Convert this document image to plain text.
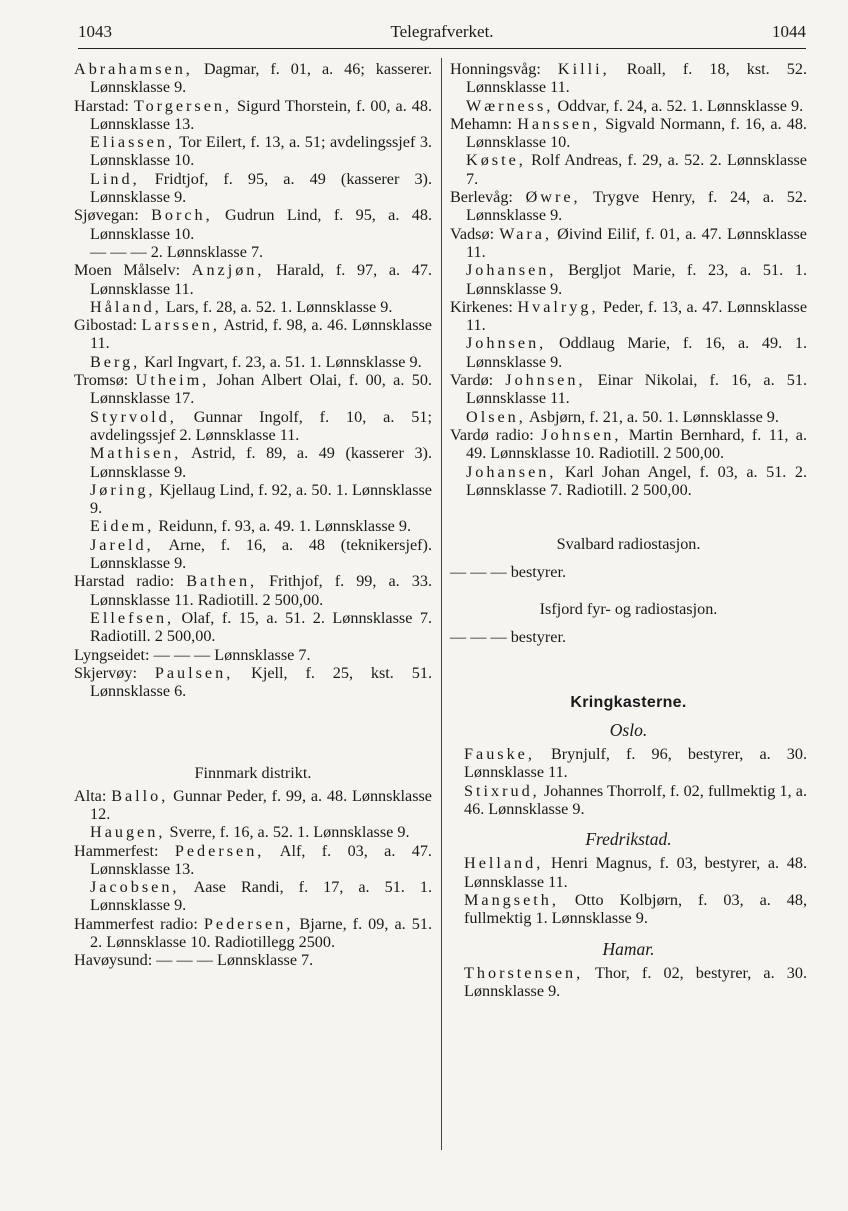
Telegrafverket.
1043	1044

Abrahamsen, Dagmar, f. 01, a. 46; kasserer. Lønnsklasse 9.

Harstad: Torgersen, Sigurd Thorstein, f. 00, a. 48. Lønnsklasse 13.

Eliassen, Tor Eilert, f. 13, a. 51; avdelingssjef 3. Lønnsklasse 10.

Lind, Fridtjof, f. 95, a. 49 (kasserer 3). Lønnsklasse 9.

Sjøvegan: Borch, Gudrun Lind, f. 95, a. 48. Lønnsklasse 10.

— — — 2. Lønnsklasse 7.

Moen Målselv: Anzjøn, Harald, f. 97, a. 47. Lønnsklasse 11.

Håland, Lars, f. 28, a. 52. 1. Lønnsklasse 9.

Gibostad: Larssen, Astrid, f. 98, a. 46. Lønnsklasse 11.

Berg, Karl Ingvart, f. 23, a. 51. 1. Lønnsklasse 9.

Tromsø: Utheim, Johan Albert Olai, f. 00, a. 50. Lønnsklasse 17.

Styrvold, Gunnar Ingolf, f. 10, a. 51; avdelingssjef 2. Lønnsklasse 11.

Mathisen, Astrid, f. 89, a. 49 (kasserer 3). Lønnsklasse 9.

Jøring, Kjellaug Lind, f. 92, a. 50. 1. Lønnsklasse 9.

Eidem, Reidunn, f. 93, a. 49. 1. Lønnsklasse 9.

Jareld, Arne, f. 16, a. 48 (teknikersjef). Lønnsklasse 9.

Harstad radio: Bathen, Frithjof, f. 99, a. 33. Lønnsklasse 11. Radiotill. 2 500,00.

Ellefsen, Olaf, f. 15, a. 51. 2. Lønnsklasse 7. Radiotill. 2 500,00.

Lyngseidet: — — — Lønnsklasse 7.

Skjervøy: Paulsen, Kjell, f. 25, kst. 51. Lønnsklasse 6.

Finnmark distrikt.

Alta: Ballo, Gunnar Peder, f. 99, a. 48. Lønnsklasse 12.

Haugen, Sverre, f. 16, a. 52. 1. Lønnsklasse 9.

Hammerfest: Pedersen, Alf, f. 03, a. 47. Lønnsklasse 13.

Jacobsen, Aase Randi, f. 17, a. 51. 1. Lønnsklasse 9.

Hammerfest radio: Pedersen, Bjarne, f. 09, a. 51. 2. Lønnsklasse 10. Radiotillegg 2500.

Havøysund: — — — Lønnsklasse 7.

Honningsvåg: Killi, Roall, f. 18, kst. 52. Lønnsklasse 11.

Wærness, Oddvar, f. 24, a. 52. 1. Lønnsklasse 9.

Mehamn: Hanssen, Sigvald Normann, f. 16, a. 48. Lønnsklasse 10.

Køste, Rolf Andreas, f. 29, a. 52. 2. Lønnsklasse 7.

Berlevåg: Øwre, Trygve Henry, f. 24, a. 52. Lønnsklasse 9.

Vadsø: Wara, Øivind Eilif, f. 01, a. 47. Lønnsklasse 11.

Johansen, Bergljot Marie, f. 23, a. 51. 1. Lønnsklasse 9.

Kirkenes: Hvalryg, Peder, f. 13, a. 47. Lønnsklasse 11.

Johnsen, Oddlaug Marie, f. 16, a. 49. 1. Lønnsklasse 9.

Vardø: Johnsen, Einar Nikolai, f. 16, a. 51. Lønnsklasse 11.

Olsen, Asbjørn, f. 21, a. 50. 1. Lønnsklasse 9.

Vardø radio: Johnsen, Martin Bernhard, f. 11, a. 49. Lønnsklasse 10. Radiotill. 2 500,00.

Johansen, Karl Johan Angel, f. 03, a. 51. 2. Lønnsklasse 7. Radiotill. 2 500,00.

Svalbard radiostasjon.

— — — bestyrer.

Isfjord fyr- og radiostasjon.

— — — bestyrer.

Kringkasterne.

Oslo.

Fauske, Brynjulf, f. 96, bestyrer, a. 30. Lønnsklasse 11.

Stixrud, Johannes Thorrolf, f. 02, fullmektig 1, a. 46. Lønnsklasse 9.

Fredrikstad.

Helland, Henri Magnus, f. 03, bestyrer, a. 48. Lønnsklasse 11.

Mangseth, Otto Kolbjørn, f. 03, a. 48, fullmektig 1. Lønnsklasse 9.

Hamar.

Thorstensen, Thor, f. 02, bestyrer, a. 30. Lønnsklasse 9.
